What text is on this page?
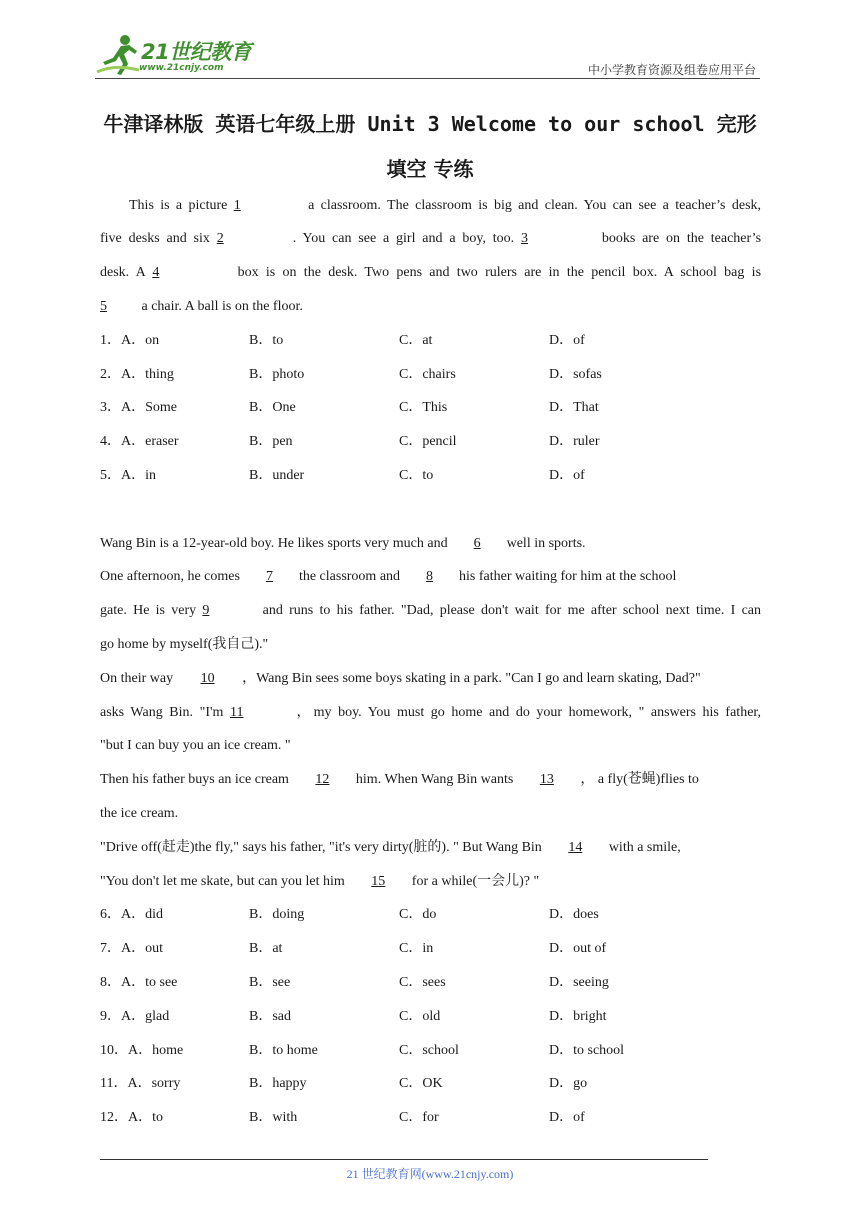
21世纪教育
www.21cnjy.com	中小学教育资源及组卷应用平台
牛津译林版 英语七年级上册 Unit 3 Welcome to our school 完形
填空 专练
This is a picture 1	a classroom. The classroom is big and clean. You can see a teacher’s desk,
five desks and six 2	. You can see a girl and a boy, too. 3	books are on the teacher’s
desk. A 4	box is on the desk. Two pens and two rulers are in the pencil box. A school bag is
5 a chair. A ball is on the floor.
1．A．on	B．to	C．at	D．of
2．A．thing	B．photo	C．chairs	D．sofas
3．A．Some	B．One	C．This	D．That
4．A．eraser	B．pen	C．pencil	D．ruler
5．A．in	B．under	C．to	D．of
Wang Bin is a 12-year-old boy. He likes sports very much and 6 well in sports.
One afternoon, he comes 7 the classroom and 8 his father waiting for him at the school
gate. He is very 9	and runs to his father. "Dad, please don't wait for me after school next time. I can
go home by myself(我自己)."
On their way 10 ，Wang Bin sees some boys skating in a park. "Can I go and learn skating, Dad?"
asks Wang Bin. "I'm 11	，my boy. You must go home and do your homework, " answers his father,
"but I can buy you an ice cream. "
Then his father buys an ice cream 12 him. When Wang Bin wants 13 ， a fly(苍蝇)flies to
the ice cream.
"Drive off(赶走)the fly," says his father, "it's very dirty(脏的). " But Wang Bin 14 with a smile,
"You don't let me skate, but can you let him 15 for a while(一会儿)? "
6．A．did	B．doing	C．do	D．does
7．A．out	B．at	C．in	D．out of
8．A．to see	B．see	C．sees	D．seeing
9．A．glad	B．sad	C．old	D．bright
10．A．home	B．to home	C．school	D．to school
11．A．sorry	B．happy	C．OK	D．go
12．A．to	B．with	C．for	D．of
21 世纪教育网(www.21cnjy.com)
